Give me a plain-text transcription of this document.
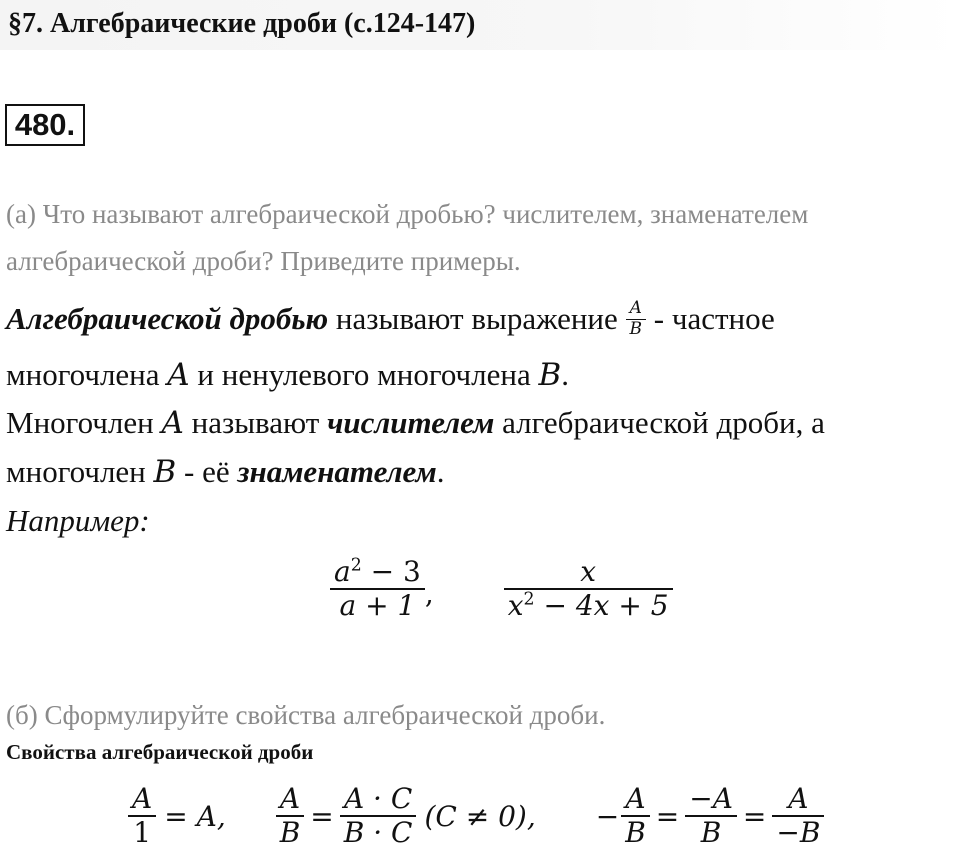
§7. Алгебраические дроби (с.124-147)
480.
(а) Что называют алгебраической дробью? числителем, знаменателем
алгебраической дроби? Приведите примеры.
Алгебраической дробью
называют выражение
$\frac{A}{B}$
- частное
многочлена A и ненулевого многочлена B.
Многочлен A называют числителем алгебраической дроби, а
многочлен B - её знаменателем.
Например:
$\frac{a^2 - 3}{a + 1}$ ,	$\frac{x}{x^2 - 4x + 5}$
(б) Сформулируйте свойства алгебраической дроби.
Свойства алгебраической дроби
$\frac{A}{1} = A$, $\frac{A}{B} = \frac{A \cdot C}{B \cdot C} (C \ne 0)$, − $\frac{A}{B} = \frac{-A}{B} = \frac{A}{-B}$
